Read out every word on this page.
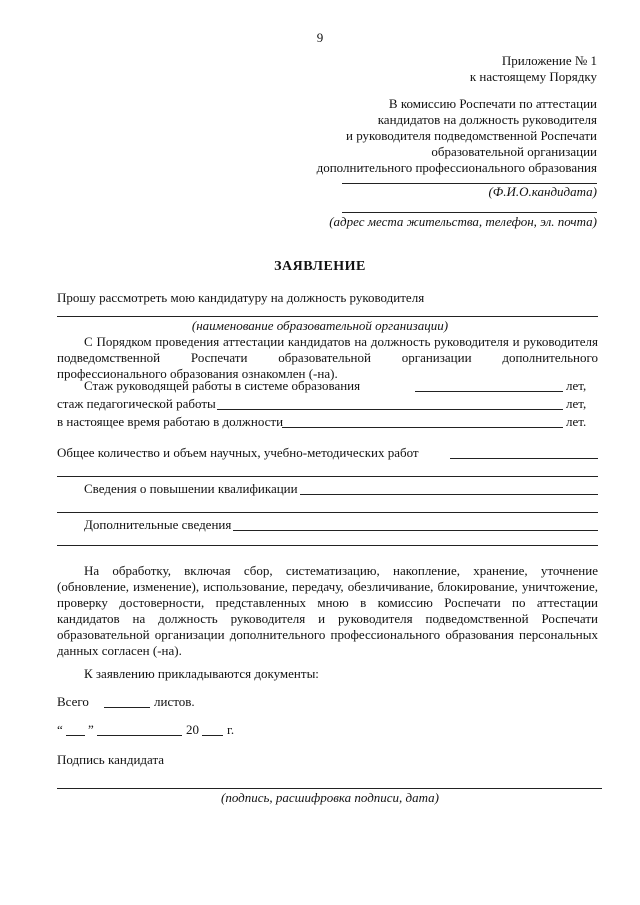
9
Приложение № 1
к настоящему Порядку
В комиссию Роспечати по аттестации
кандидатов на должность руководителя
и руководителя подведомственной Роспечати
образовательной организации
дополнительного профессионального образования
(Ф.И.О.кандидата)
(адрес места жительства, телефон, эл. почта)
ЗАЯВЛЕНИЕ
Прошу рассмотреть мою кандидатуру на должность руководителя
(наименование образовательной организации)
С Порядком проведения аттестации кандидатов на должность руководителя и руководителя подведомственной Роспечати образовательной организации дополнительного профессионального образования ознакомлен (-на).
Стаж руководящей работы в системе образования	лет,
стаж педагогической работы	лет,
в настоящее время работаю в должности	лет.
Общее количество и объем научных, учебно-методических работ
Сведения о повышении квалификации
Дополнительные сведения
На обработку, включая сбор, систематизацию, накопление, хранение, уточнение (обновление, изменение), использование, передачу, обезличивание, блокирование, уничтожение, проверку достоверности, представленных мною в комиссию Роспечати по аттестации кандидатов на должность руководителя и руководителя подведомственной Роспечати образовательной организации дополнительного профессионального образования персональных данных согласен (-на).
К заявлению прикладываются документы:
Всего	листов.
“ ”	20 г.
Подпись кандидата
(подпись, расшифровка подписи, дата)
